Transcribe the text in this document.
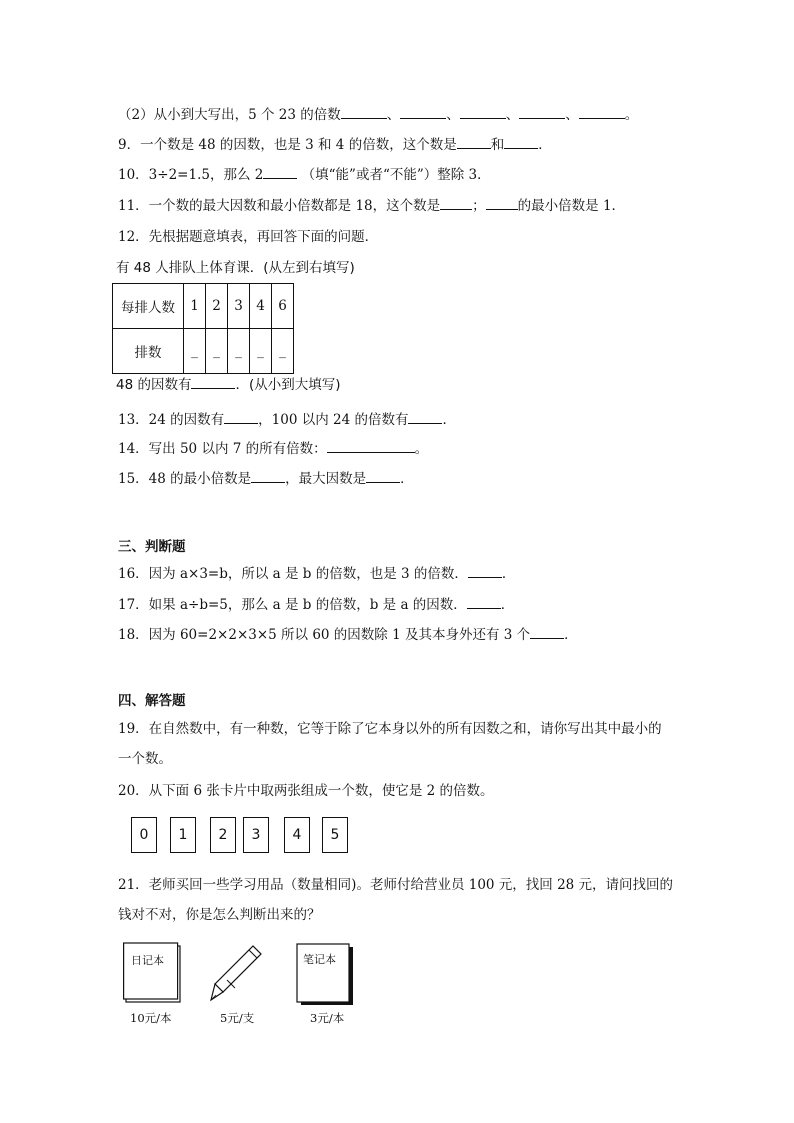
（2）从小到大写出，5 个 23 的倍数	、	、	、	、	。
9．一个数是 48 的因数，也是 3 和 4 的倍数，这个数是	和	．
10．3÷2=1.5，那么 2	（填“能”或者“不能”）整除 3．
11．一个数的最大因数和最小倍数都是 18，这个数是 ； 的最小倍数是 1．
12．先根据题意填表，再回答下面的问题．
有 48 人排队上体育课．(从左到右填写)
每排人数	1	2	3	4	6
排数	_	_	_	_	_
48 的因数有	．(从小到大填写)
13．24 的因数有	，100 以内 24 的倍数有	．
14．写出 50 以内 7 的所有倍数：	。
15．48 的最小倍数是	，最大因数是	．
三、判断题
16．因为 a×3=b，所以 a 是 b 的倍数，也是 3 的倍数．	．
17．如果 a÷b=5，那么 a 是 b 的倍数，b 是 a 的因数．	．
18．因为 60=2×2×3×5 所以 60 的因数除 1 及其本身外还有 3 个	．
四、解答题
19．在自然数中，有一种数，它等于除了它本身以外的所有因数之和，请你写出其中最小的
一个数。
20．从下面 6 张卡片中取两张组成一个数，使它是 2 的倍数。
0	1	2	3	4	5
21．老师买回一些学习用品（数量相同)。老师付给营业员 100 元，找回 28 元，请问找回的
钱对不对，你是怎么判断出来的？
日记本
10元/本	5元/支
笔记本
3元/本
